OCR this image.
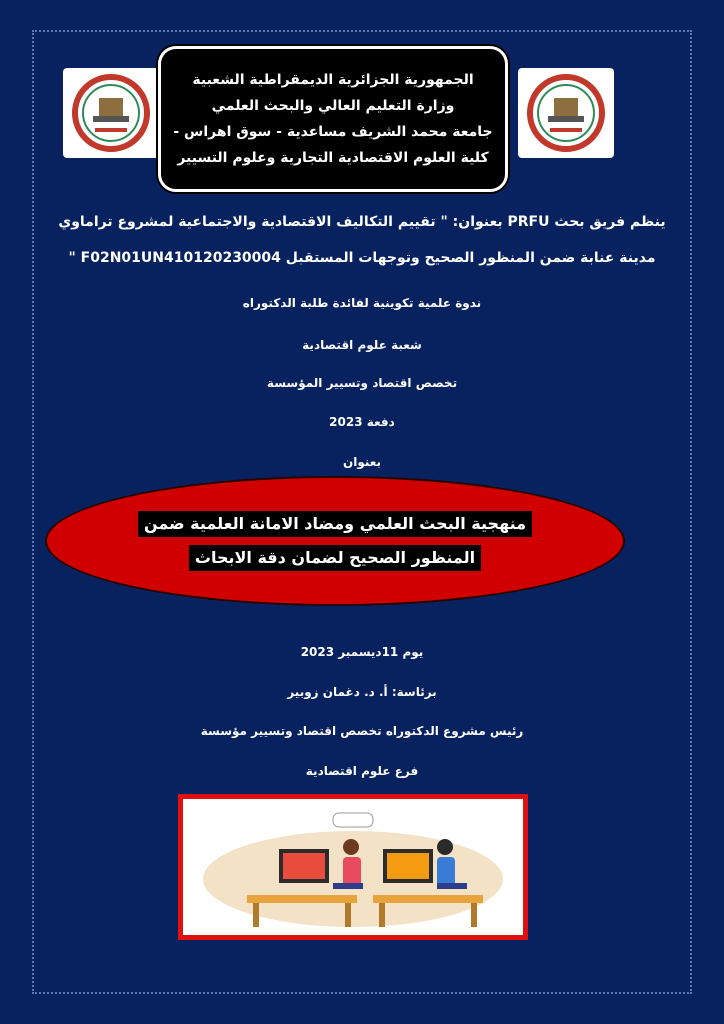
الجمهورية الجزائرية الديمقراطية الشعبية
وزارة التعليم العالي والبحث العلمي
جامعة محمد الشريف مساعدية - سوق اهراس -
كلية العلوم الاقتصادية التجارية وعلوم التسيير
ينظم فريق بحث PRFU بعنوان: " تقييم التكاليف الاقتصادية والاجتماعية لمشروع تراماوي
مدينة عنابة ضمن المنظور الصحيح وتوجهات المستقبل F02N01UN410120230004 "
ندوة علمية تكوينية لفائدة طلبة الدكتوراه
شعبة علوم اقتصادية
تخصص اقتصاد وتسيير المؤسسة
دفعة 2023
بعنوان
منهجية البحث العلمي ومضاد الامانة العلمية ضمن
المنظور الصحيح لضمان دقة الابحاث
يوم 11ديسمبر 2023
برئاسة: أ. د. دغمان زوبير
رئيس مشروع الدكتوراه تخصص اقتصاد وتسيير مؤسسة
فرع علوم اقتصادية
